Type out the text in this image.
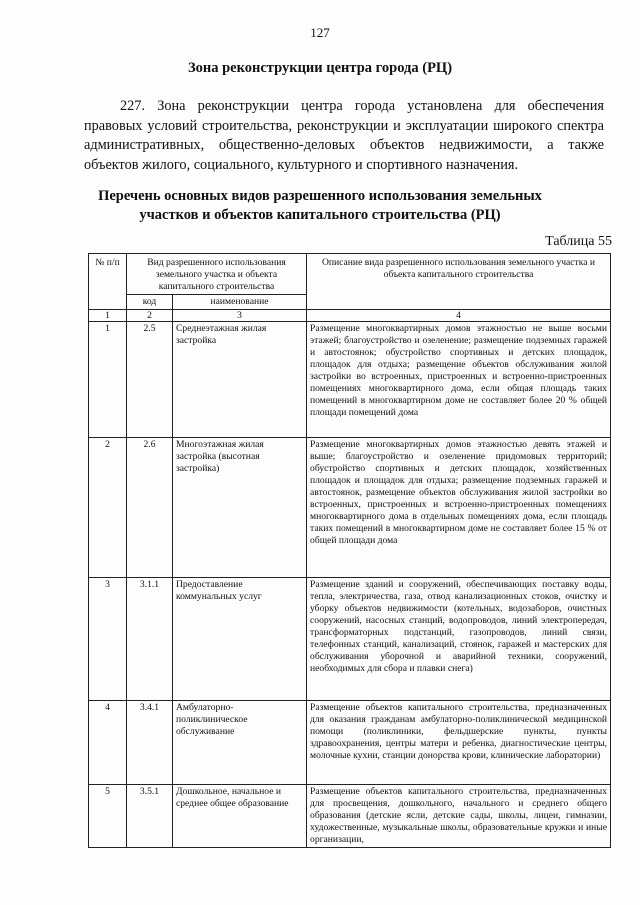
127
Зона реконструкции центра города (РЦ)
227. Зона реконструкции центра города установлена для обеспечения правовых условий строительства, реконструкции и эксплуатации широкого спектра административных, общественно-деловых объектов недвижимости, а также объектов жилого, социального, культурного и спортивного назначения.
Перечень основных видов разрешенного использования земельных
участков и объектов капитального строительства (РЦ)
Таблица 55
№ п/п	Вид разрешенного использования земельного участка и объекта капитального строительства		Описание вида разрешенного использования земельного участка и объекта капитального строительства
	код	наименование	
1	2	3	4
1	2.5	Среднеэтажная жилая застройка	Размещение многоквартирных домов этажностью не выше восьми этажей; благоустройство и озеленение; размещение подземных гаражей и автостоянок; обустройство спортивных и детских площадок, площадок для отдыха; размещение объектов обслуживания жилой застройки во встроенных, пристроенных и встроенно-пристроенных помещениях многоквартирного дома, если общая площадь таких помещений в многоквартирном доме не составляет более 20 % общей площади помещений дома
2	2.6	Многоэтажная жилая застройка (высотная застройка)	Размещение многоквартирных домов этажностью девять этажей и выше; благоустройство и озеленение придомовых территорий; обустройство спортивных и детских площадок, хозяйственных площадок и площадок для отдыха; размещение подземных гаражей и автостоянок, размещение объектов обслуживания жилой застройки во встроенных, пристроенных и встроенно-пристроенных помещениях многоквартирного дома в отдельных помещениях дома, если площадь таких помещений в многоквартирном доме не составляет более 15 % от общей площади дома
3	3.1.1	Предоставление коммунальных услуг	Размещение зданий и сооружений, обеспечивающих поставку воды, тепла, электричества, газа, отвод канализационных стоков, очистку и уборку объектов недвижимости (котельных, водозаборов, очистных сооружений, насосных станций, водопроводов, линий электропередач, трансформаторных подстанций, газопроводов, линий связи, телефонных станций, канализаций, стоянок, гаражей и мастерских для обслуживания уборочной и аварийной техники, сооружений, необходимых для сбора и плавки снега)
4	3.4.1	Амбулаторно-поликлиническое обслуживание	Размещение объектов капитального строительства, предназначенных для оказания гражданам амбулаторно-поликлинической медицинской помощи (поликлиники, фельдшерские пункты, пункты здравоохранения, центры матери и ребенка, диагностические центры, молочные кухни, станции донорства крови, клинические лаборатории)
5	3.5.1	Дошкольное, начальное и среднее общее образование	Размещение объектов капитального строительства, предназначенных для просвещения, дошкольного, начального и среднего общего образования (детские ясли, детские сады, школы, лицеи, гимназии, художественные, музыкальные школы, образовательные кружки и иные организации,
